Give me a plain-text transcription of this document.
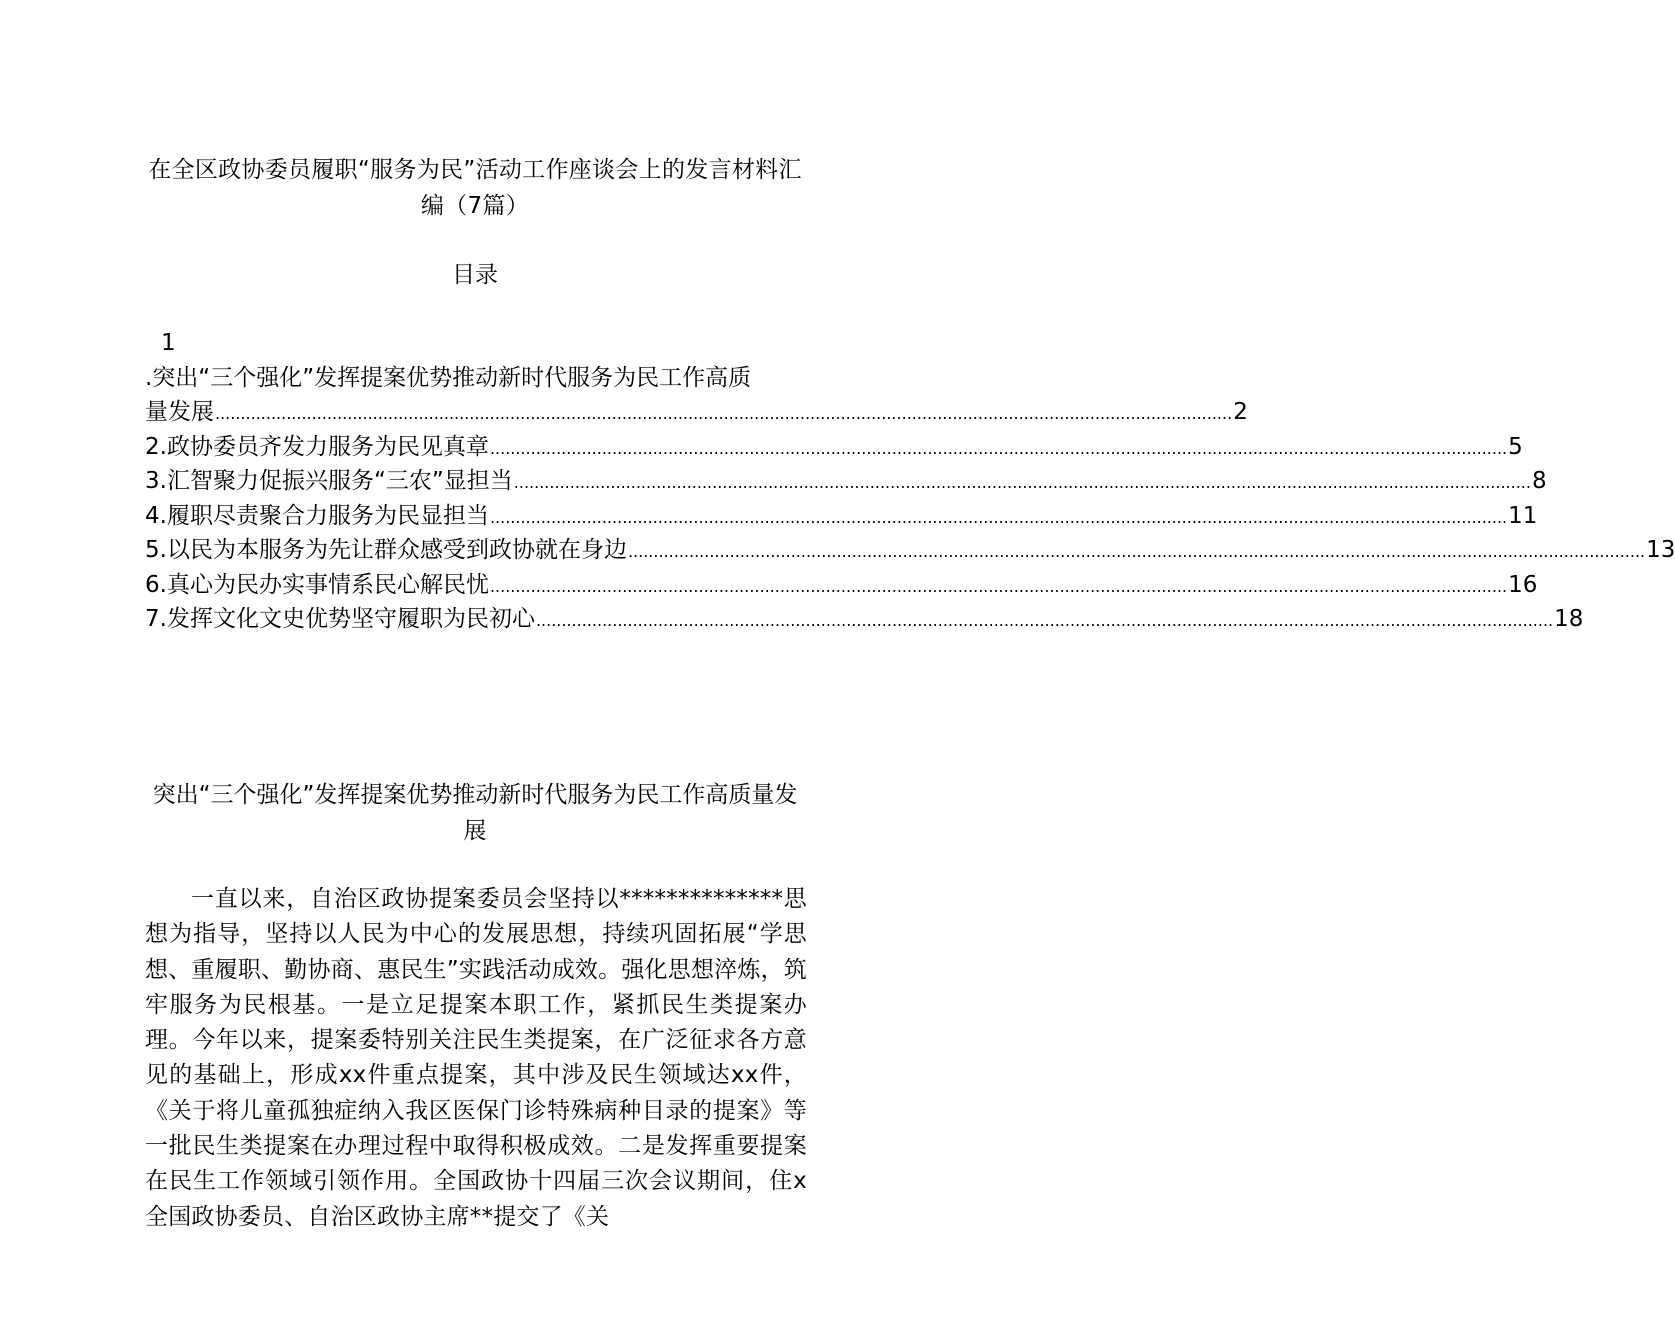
在全区政协委员履职“服务为民”活动工作座谈会上的发言材料汇编（7篇）
目录
1
.突出“三个强化”发挥提案优势推动新时代服务为民工作高质
量发展 ........................................................................................................................................................................................................ 2
2.政协委员齐发力服务为民见真章 ........................................................................................................................................................................................................ 5
3.汇智聚力促振兴服务“三农”显担当 ........................................................................................................................................................................................................ 8
4.履职尽责聚合力服务为民显担当 ........................................................................................................................................................................................................ 11
5.以民为本服务为先让群众感受到政协就在身边 ........................................................................................................................................................................................................ 13
6.真心为民办实事情系民心解民忧 ........................................................................................................................................................................................................ 16
7.发挥文化文史优势坚守履职为民初心 ........................................................................................................................................................................................................ 18
突出“三个强化”发挥提案优势推动新时代服务为民工作高质量发展
一直以来，自治区政协提案委员会坚持以**************思想为指导，坚持以人民为中心的发展思想，持续巩固拓展“学思想、重履职、勤协商、惠民生”实践活动成效。强化思想淬炼，筑牢服务为民根基。一是立足提案本职工作，紧抓民生类提案办理。今年以来，提案委特别关注民生类提案，在广泛征求各方意见的基础上，形成xx件重点提案，其中涉及民生领域达xx件，《关于将儿童孤独症纳入我区医保门诊特殊病种目录的提案》等一批民生类提案在办理过程中取得积极成效。二是发挥重要提案在民生工作领域引领作用。全国政协十四届三次会议期间，住x全国政协委员、自治区政协主席**提交了《关
